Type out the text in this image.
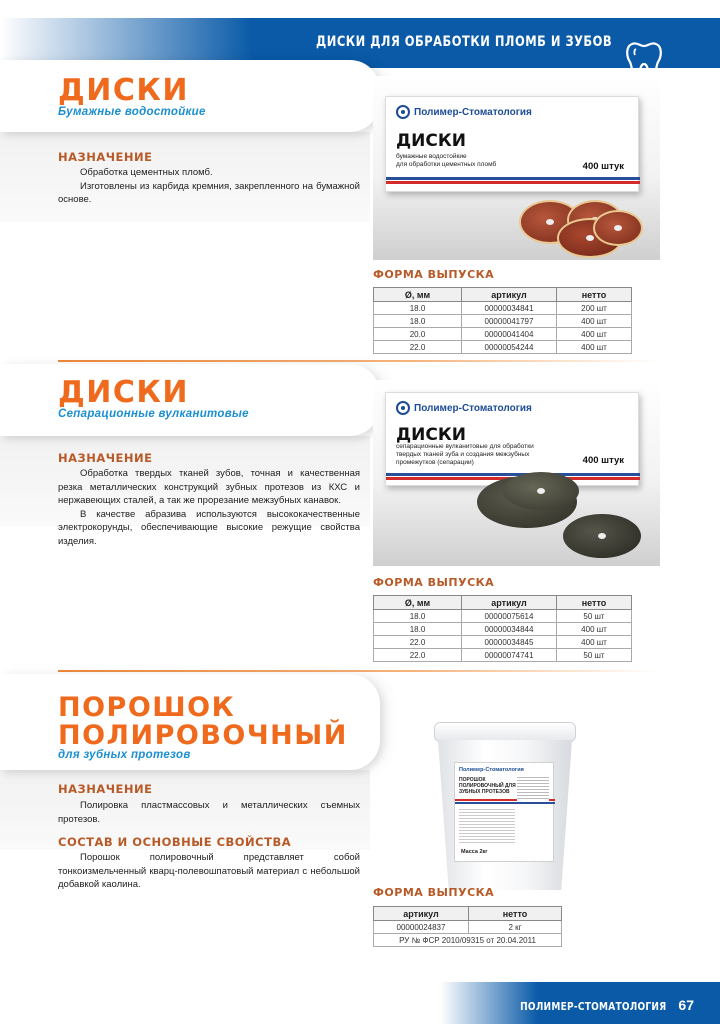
ДИСКИ ДЛЯ ОБРАБОТКИ ПЛОМБ И ЗУБОВ
ДИСКИ
Бумажные водостойкие
НАЗНАЧЕНИЕ
Обработка цементных пломб.
Изготовлены из карбида кремния, закрепленного на бумажной основе.
Полимер-Стоматология
ДИСКИ
бумажные водостойкие
для обработки цементных пломб	400 штук
ФОРМА ВЫПУСКА
Ø, мм	артикул	нетто
18.0	00000034841	200 шт
18.0	00000041797	400 шт
20.0	00000041404	400 шт
22.0	00000054244	400 шт
ДИСКИ
Сепарационные вулканитовые
НАЗНАЧЕНИЕ
Обработка твердых тканей зубов, точная и качественная резка металлических конструкций зубных протезов из КХС и нержавеющих сталей, а так же прорезание межзубных канавок.
В качестве абразива используются высококачественные электрокорунды, обеспечивающие высокие режущие свойства изделия.
Полимер-Стоматология
ДИСКИ
сепарационные вулканитовые для обработки
твердых тканей зуба и создания межзубных
промежутков (сепарации)	400 штук
ФОРМА ВЫПУСКА
Ø, мм	артикул	нетто
18.0	00000075614	50 шт
18.0	00000034844	400 шт
22.0	00000034845	400 шт
22.0	00000074741	50 шт
ПОРОШОК
ПОЛИРОВОЧНЫЙ
для зубных протезов
НАЗНАЧЕНИЕ
Полировка пластмассовых и металлических съемных протезов.
СОСТАВ И ОСНОВНЫЕ СВОЙСТВА
Порошок полировочный представляет собой тонкоизмельченный кварц-полевошпатовый материал с небольшой добавкой каолина.
Полимер-Стоматология
ПОРОШОК ПОЛИРОВОЧНЫЙ ДЛЯ ЗУБНЫХ ПРОТЕЗОВ
Масса 2кг
ФОРМА ВЫПУСКА
артикул	нетто
00000024837	2 кг
РУ № ФСР 2010/09315 от 20.04.2011	
ПОЛИМЕР-СТОМАТОЛОГИЯ 67
